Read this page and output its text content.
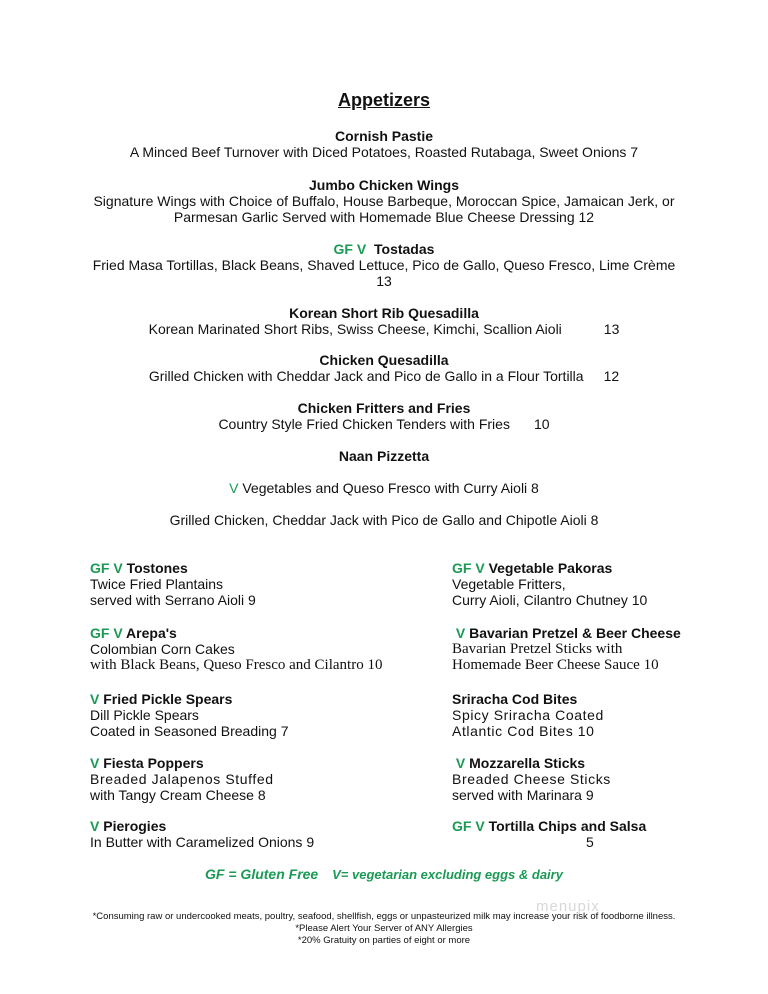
Appetizers
Cornish Pastie
A Minced Beef Turnover with Diced Potatoes, Roasted Rutabaga, Sweet Onions 7
Jumbo Chicken Wings
Signature Wings with Choice of Buffalo, House Barbeque, Moroccan Spice, Jamaican Jerk, or
Parmesan Garlic Served with Homemade Blue Cheese Dressing 12
GF V Tostadas
Fried Masa Tortillas, Black Beans, Shaved Lettuce, Pico de Gallo, Queso Fresco, Lime Crème
13
Korean Short Rib Quesadilla
Korean Marinated Short Ribs, Swiss Cheese, Kimchi, Scallion Aioli	13
Chicken Quesadilla
Grilled Chicken with Cheddar Jack and Pico de Gallo in a Flour Tortilla 12
Chicken Fritters and Fries
Country Style Fried Chicken Tenders with Fries 10
Naan Pizzetta
V Vegetables and Queso Fresco with Curry Aioli 8
Grilled Chicken, Cheddar Jack with Pico de Gallo and Chipotle Aioli 8
GF V Tostones
Twice Fried Plantains
served with Serrano Aioli 9
GF V Arepa's
Colombian Corn Cakes
with Black Beans, Queso Fresco and Cilantro 10
V Fried Pickle Spears
Dill Pickle Spears
Coated in Seasoned Breading 7
V Fiesta Poppers
Breaded Jalapenos Stuffed
with Tangy Cream Cheese 8
V Pierogies
In Butter with Caramelized Onions 9
GF V Vegetable Pakoras
Vegetable Fritters,
Curry Aioli, Cilantro Chutney 10
V Bavarian Pretzel & Beer Cheese
Bavarian Pretzel Sticks with
Homemade Beer Cheese Sauce 10
Sriracha Cod Bites
Spicy Sriracha Coated
Atlantic Cod Bites 10
V Mozzarella Sticks
Breaded Cheese Sticks
served with Marinara 9
GF V Tortilla Chips and Salsa
5
GF = Gluten Free V= vegetarian excluding eggs & dairy
menupix
*Consuming raw or undercooked meats, poultry, seafood, shellfish, eggs or unpasteurized milk may increase your risk of foodborne illness.
*Please Alert Your Server of ANY Allergies
*20% Gratuity on parties of eight or more
